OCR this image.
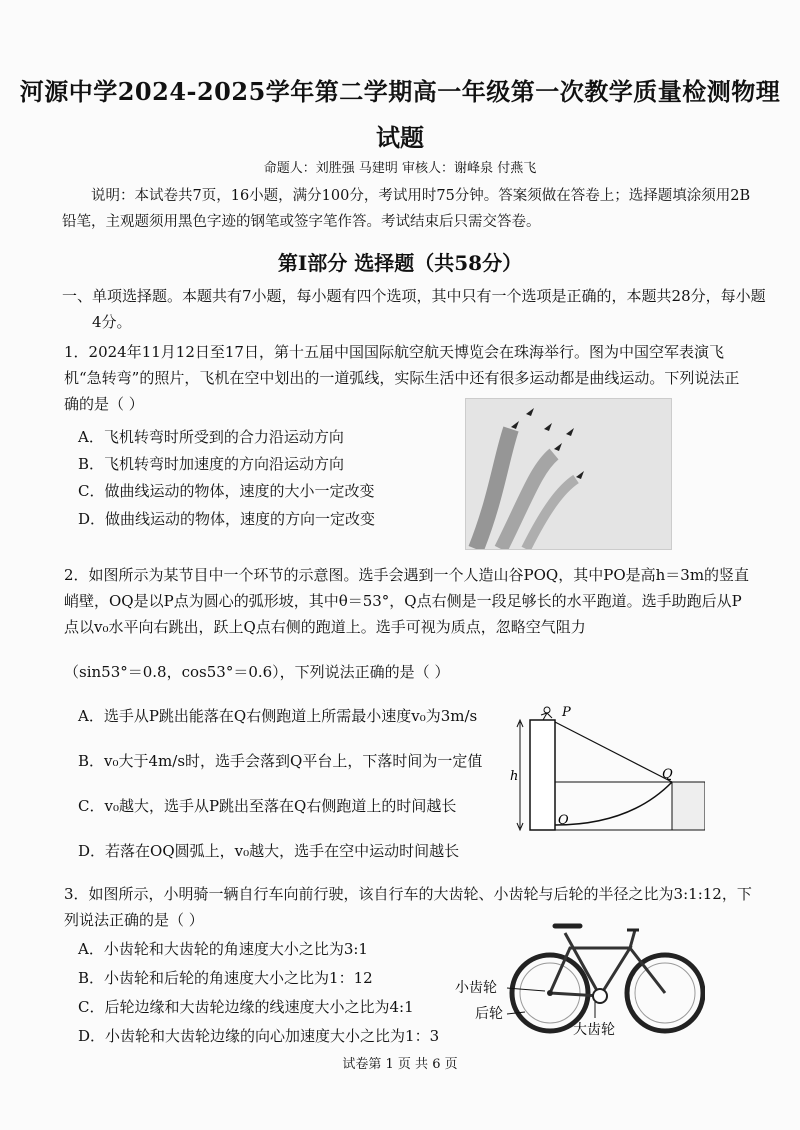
河源中学2024-2025学年第二学期高一年级第一次教学质量检测物理
试题
命题人：刘胜强 马建明 审核人：谢峰泉 付燕飞
说明：本试卷共7页，16小题，满分100分，考试用时75分钟。答案须做在答卷上；选择题填涂须用2B铅笔，主观题须用黑色字迹的钢笔或签字笔作答。考试结束后只需交答卷。
第Ⅰ部分 选择题（共58分）
一、单项选择题。本题共有7小题，每小题有四个选项，其中只有一个选项是正确的，本题共28分，每小题4分。
1．2024年11月12日至17日，第十五届中国国际航空航天博览会在珠海举行。图为中国空军表演飞机“急转弯”的照片，飞机在空中划出的一道弧线，实际生活中还有很多运动都是曲线运动。下列说法正确的是（ ）
A．飞机转弯时所受到的合力沿运动方向
B．飞机转弯时加速度的方向沿运动方向
C．做曲线运动的物体，速度的大小一定改变
D．做曲线运动的物体，速度的方向一定改变
2．如图所示为某节目中一个环节的示意图。选手会遇到一个人造山谷POQ，其中PO是高h＝3m的竖直峭壁，OQ是以P点为圆心的弧形坡，其中θ＝53°，Q点右侧是一段足够长的水平跑道。选手助跑后从P点以v₀水平向右跳出，跃上Q点右侧的跑道上。选手可视为质点，忽略空气阻力
（sin53°＝0.8，cos53°＝0.6），下列说法正确的是（ ）
A．选手从P跳出能落在Q右侧跑道上所需最小速度v₀为3m/s
B．v₀大于4m/s时，选手会落到Q平台上，下落时间为一定值
C．v₀越大，选手从P跳出至落在Q右侧跑道上的时间越长
D．若落在OQ圆弧上，v₀越大，选手在空中运动时间越长
h
P
Q
O
3．如图所示，小明骑一辆自行车向前行驶，该自行车的大齿轮、小齿轮与后轮的半径之比为3:1:12，下列说法正确的是（ ）
A．小齿轮和大齿轮的角速度大小之比为3:1
B．小齿轮和后轮的角速度大小之比为1：12
C．后轮边缘和大齿轮边缘的线速度大小之比为4:1
D．小齿轮和大齿轮边缘的向心加速度大小之比为1：3
小齿轮
后轮
大齿轮
试卷第 1 页 共 6 页
